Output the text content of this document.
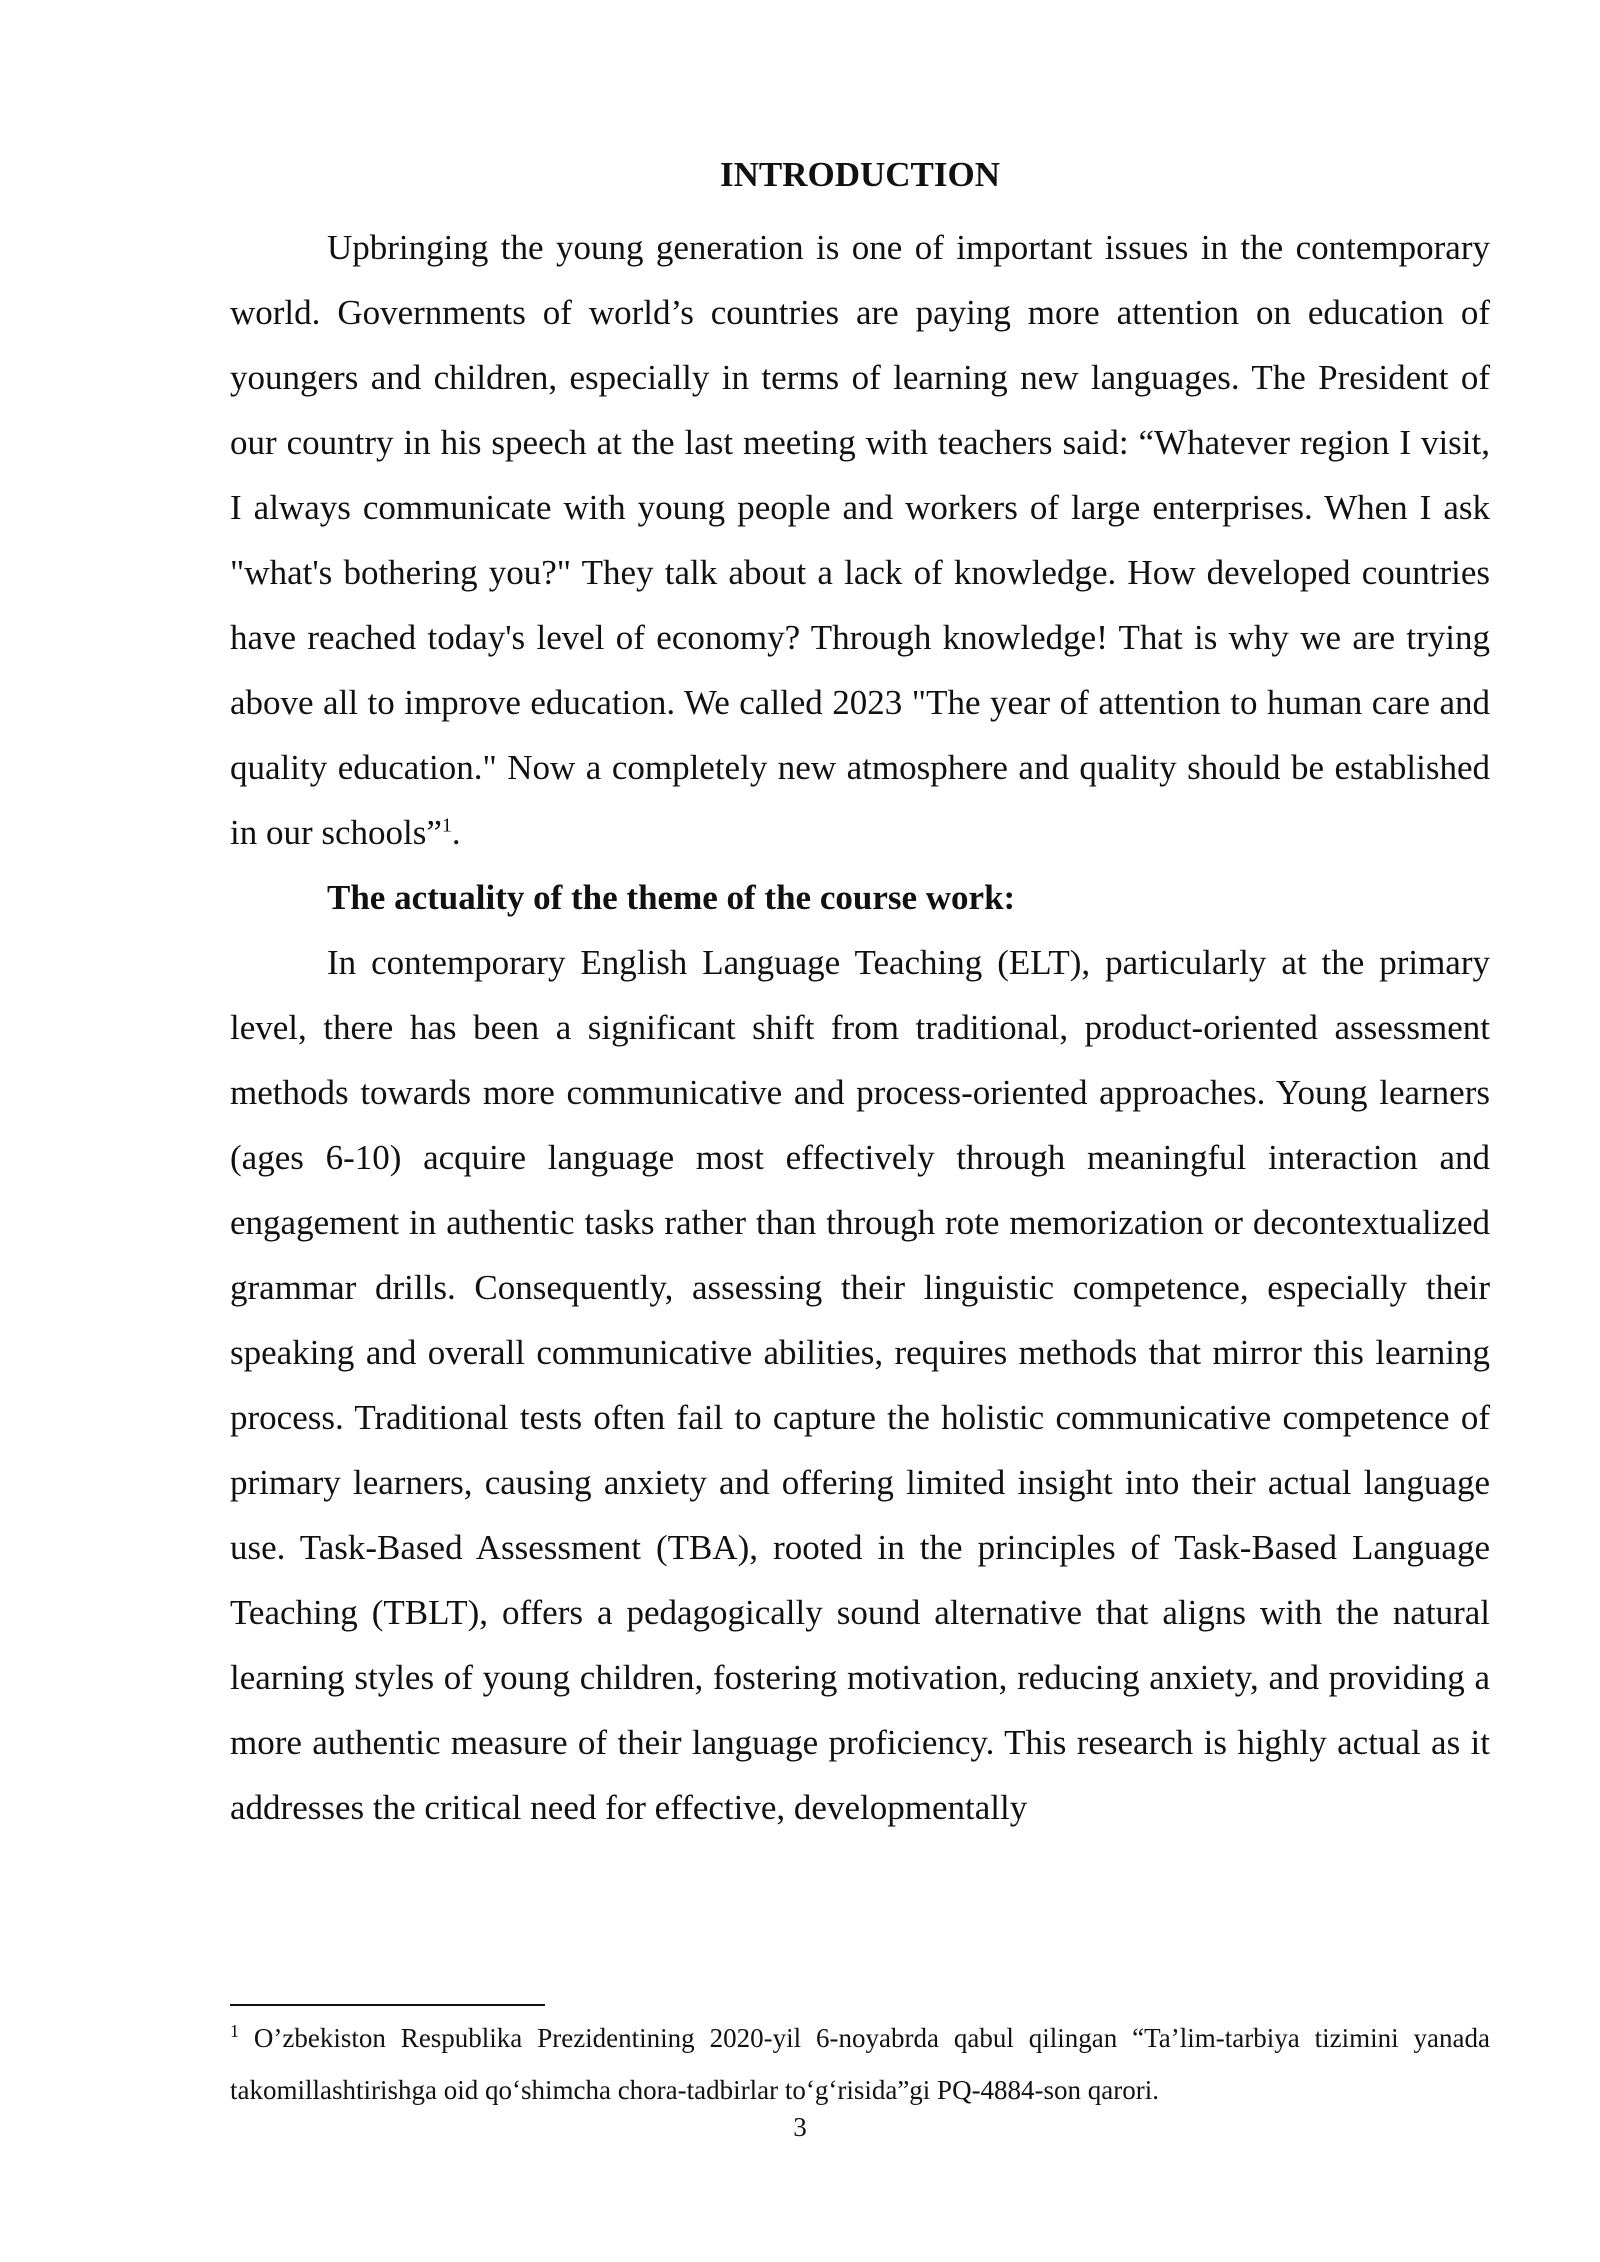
INTRODUCTION

Upbringing the young generation is one of important issues in the contemporary world. Governments of world’s countries are paying more attention on education of youngers and children, especially in terms of learning new languages. The President of our country in his speech at the last meeting with teachers said: “Whatever region I visit, I always communicate with young people and workers of large enterprises. When I ask "what's bothering you?" They talk about a lack of knowledge. How developed countries have reached today's level of economy? Through knowledge! That is why we are trying above all to improve education. We called 2023 "The year of attention to human care and quality education." Now a completely new atmosphere and quality should be established in our schools”$^1$.

The actuality of the theme of the course work:

In contemporary English Language Teaching (ELT), particularly at the primary level, there has been a significant shift from traditional, product-oriented assessment methods towards more communicative and process-oriented approaches. Young learners (ages 6-10) acquire language most effectively through meaningful interaction and engagement in authentic tasks rather than through rote memorization or decontextualized grammar drills. Consequently, assessing their linguistic competence, especially their speaking and overall communicative abilities, requires methods that mirror this learning process. Traditional tests often fail to capture the holistic communicative competence of primary learners, causing anxiety and offering limited insight into their actual language use. Task-Based Assessment (TBA), rooted in the principles of Task-Based Language Teaching (TBLT), offers a pedagogically sound alternative that aligns with the natural learning styles of young children, fostering motivation, reducing anxiety, and providing a more authentic measure of their language proficiency. This research is highly actual as it addresses the critical need for effective, developmentally

$^1$ O’zbekiston Respublika Prezidentining 2020-yil 6-noyabrda qabul qilingan “Ta’lim-tarbiya tizimini yanada takomillashtirishga oid qo‘shimcha chora-tadbirlar to‘g‘risida”gi PQ-4884-son qarori.

3
